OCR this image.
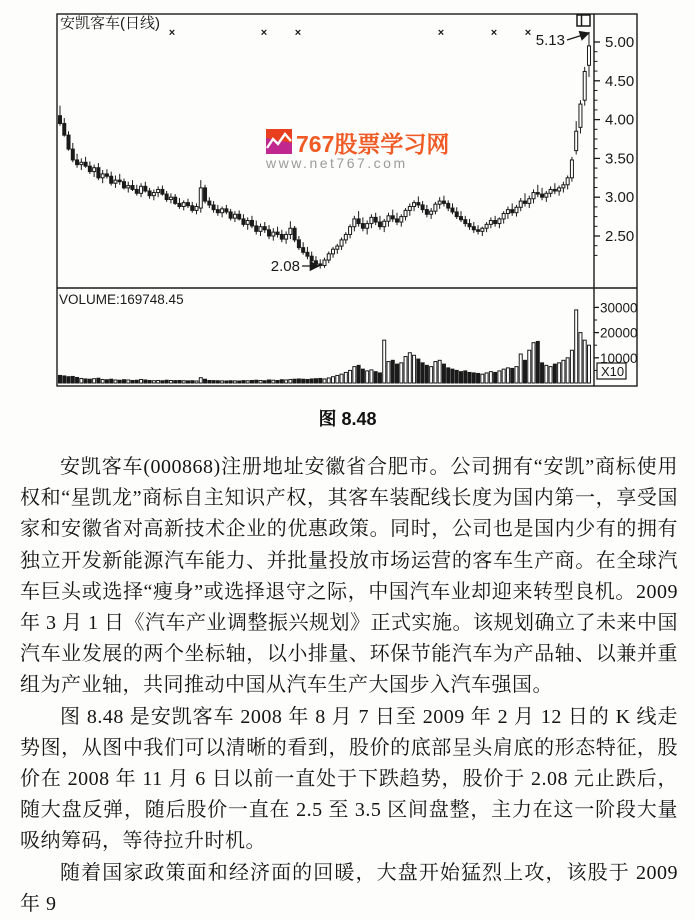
767股票学习网
www.net767.com
5.00
4.50
4.00
3.50
3.00
2.50
30000
20000
10000
X10
安凯客车(日线)
VOLUME:169748.45
×	×	×	×	×	× 5.13
2.08
图 8.48

安凯客车(000868)注册地址安徽省合肥市。公司拥有“安凯”商标使用权和“星凯龙”商标自主知识产权，其客车装配线长度为国内第一，享受国家和安徽省对高新技术企业的优惠政策。同时，公司也是国内少有的拥有独立开发新能源汽车能力、并批量投放市场运营的客车生产商。在全球汽车巨头或选择“瘦身”或选择退守之际，中国汽车业却迎来转型良机。2009 年 3 月 1 日《汽车产业调整振兴规划》正式实施。该规划确立了未来中国汽车业发展的两个坐标轴，以小排量、环保节能汽车为产品轴、以兼并重组为产业轴，共同推动中国从汽车生产大国步入汽车强国。

图 8.48 是安凯客车 2008 年 8 月 7 日至 2009 年 2 月 12 日的 K 线走势图，从图中我们可以清晰的看到，股价的底部呈头肩底的形态特征，股价在 2008 年 11 月 6 日以前一直处于下跌趋势，股价于 2.08 元止跌后，随大盘反弹，随后股价一直在 2.5 至 3.5 区间盘整，主力在这一阶段大量吸纳筹码，等待拉升时机。

随着国家政策面和经济面的回暖，大盘开始猛烈上攻，该股于 2009 年 9
